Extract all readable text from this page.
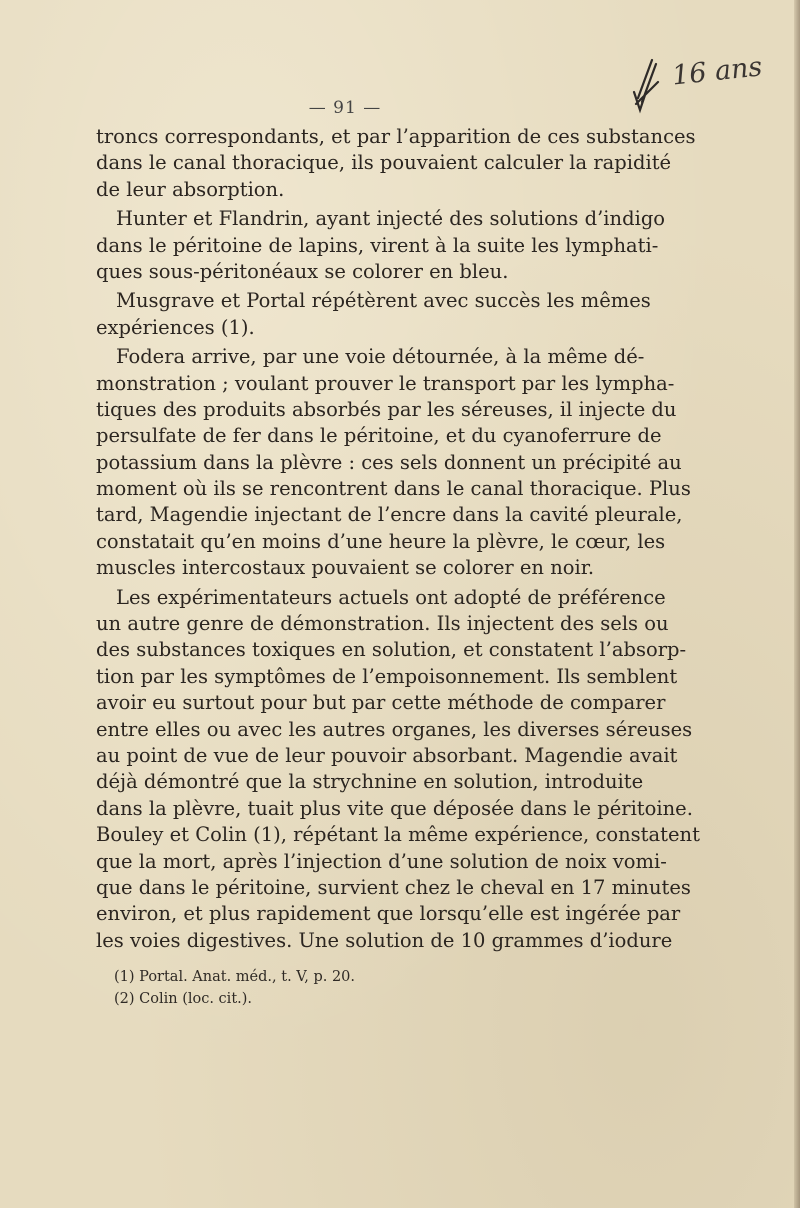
16 ans
— 91 —
troncs correspondants, et par l’apparition de ces substances
dans le canal thoracique, ils pouvaient calculer la rapidité
de leur absorption.
Hunter et Flandrin, ayant injecté des solutions d’indigo
dans le péritoine de lapins, virent à la suite les lymphati-
ques sous-péritonéaux se colorer en bleu.
Musgrave et Portal répétèrent avec succès les mêmes
expériences (1).
Fodera arrive, par une voie détournée, à la même dé-
monstration ; voulant prouver le transport par les lympha-
tiques des produits absorbés par les séreuses, il injecte du
persulfate de fer dans le péritoine, et du cyanoferrure de
potassium dans la plèvre : ces sels donnent un précipité au
moment où ils se rencontrent dans le canal thoracique. Plus
tard, Magendie injectant de l’encre dans la cavité pleurale,
constatait qu’en moins d’une heure la plèvre, le cœur, les
muscles intercostaux pouvaient se colorer en noir.
Les expérimentateurs actuels ont adopté de préférence
un autre genre de démonstration. Ils injectent des sels ou
des substances toxiques en solution, et constatent l’absorp-
tion par les symptômes de l’empoisonnement. Ils semblent
avoir eu surtout pour but par cette méthode de comparer
entre elles ou avec les autres organes, les diverses séreuses
au point de vue de leur pouvoir absorbant. Magendie avait
déjà démontré que la strychnine en solution, introduite
dans la plèvre, tuait plus vite que déposée dans le péritoine.
Bouley et Colin (1), répétant la même expérience, constatent
que la mort, après l’injection d’une solution de noix vomi-
que dans le péritoine, survient chez le cheval en 17 minutes
environ, et plus rapidement que lorsqu’elle est ingérée par
les voies digestives. Une solution de 10 grammes d’iodure
(1) Portal. Anat. méd., t. V, p. 20.
(2) Colin (loc. cit.).
